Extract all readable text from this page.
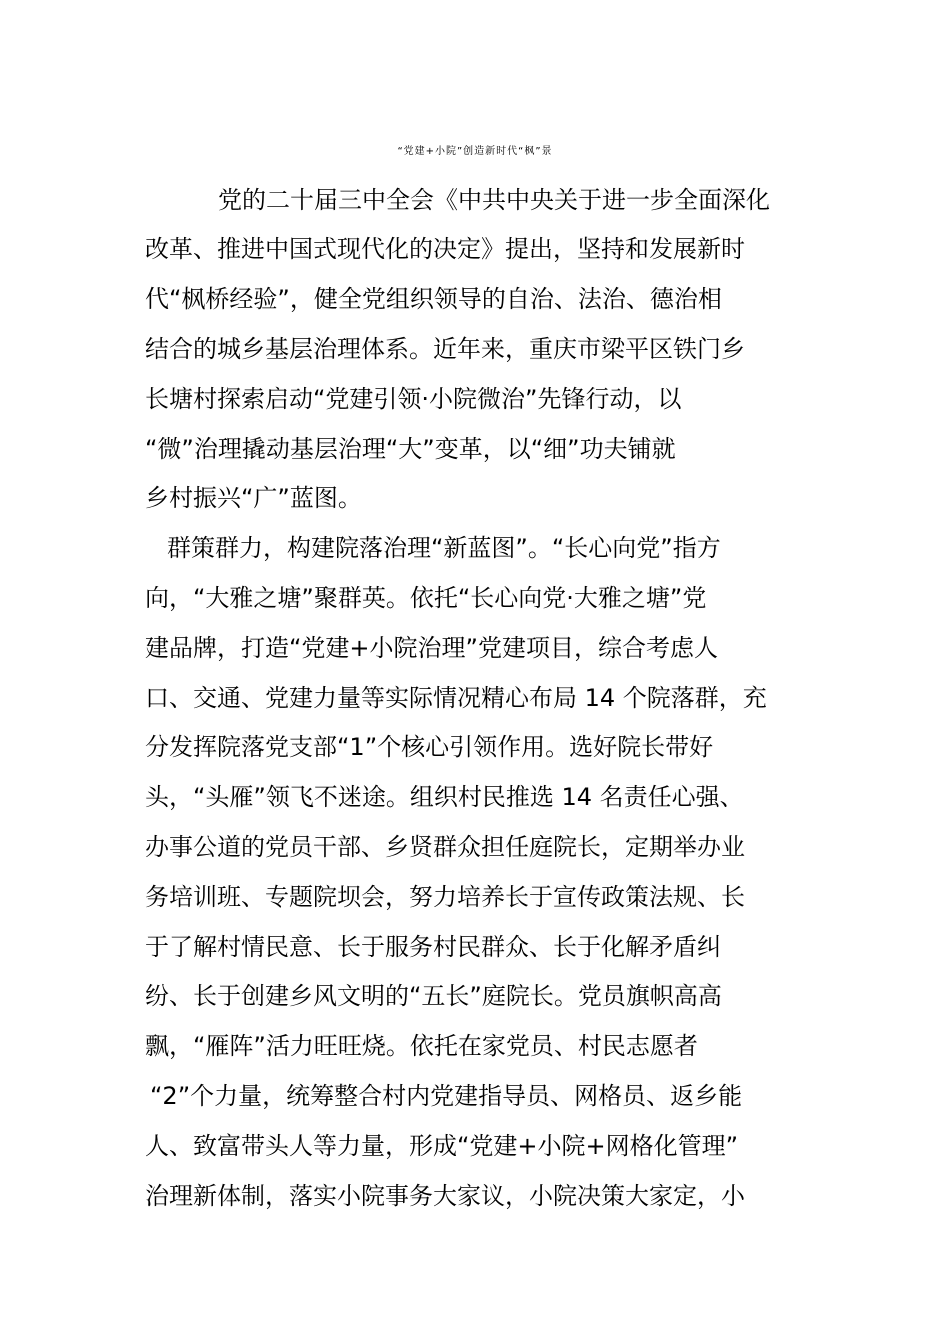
“党建+小院”创造新时代“枫”景
党的二十届三中全会《中共中央关于进一步全面深化
改革、推进中国式现代化的决定》提出，坚持和发展新时
代“枫桥经验”，健全党组织领导的自治、法治、德治相
结合的城乡基层治理体系。近年来，重庆市梁平区铁门乡
长塘村探索启动“党建引领·小院微治”先锋行动，以
“微”治理撬动基层治理“大”变革，以“细”功夫铺就
乡村振兴“广”蓝图。
群策群力，构建院落治理“新蓝图”。“长心向党”指方
向，“大雅之塘”聚群英。依托“长心向党·大雅之塘”党
建品牌，打造“党建+小院治理”党建项目，综合考虑人
口、交通、党建力量等实际情况精心布局 14 个院落群，充
分发挥院落党支部“1”个核心引领作用。选好院长带好
头，“头雁”领飞不迷途。组织村民推选 14 名责任心强、
办事公道的党员干部、乡贤群众担任庭院长，定期举办业
务培训班、专题院坝会，努力培养长于宣传政策法规、长
于了解村情民意、长于服务村民群众、长于化解矛盾纠
纷、长于创建乡风文明的“五长”庭院长。党员旗帜高高
飘，“雁阵”活力旺旺烧。依托在家党员、村民志愿者
“2”个力量，统筹整合村内党建指导员、网格员、返乡能
人、致富带头人等力量，形成“党建+小院+网格化管理”
治理新体制，落实小院事务大家议，小院决策大家定，小
